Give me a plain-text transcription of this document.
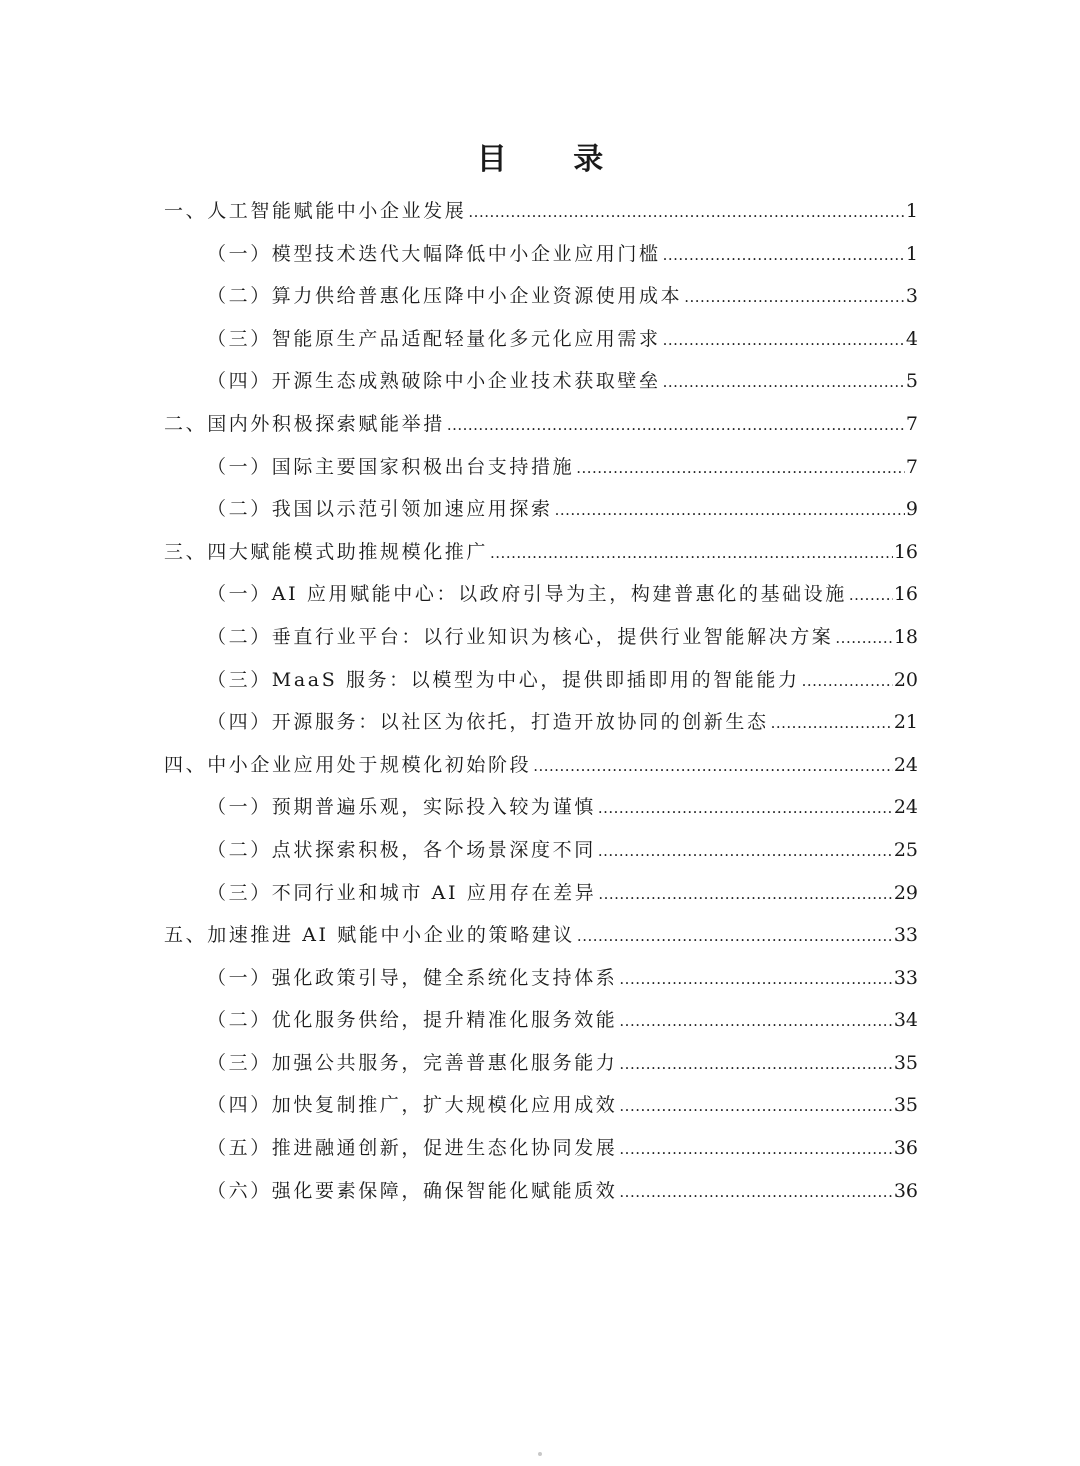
目 录
一、人工智能赋能中小企业发展 .....	1
（一）模型技术迭代大幅降低中小企业应用门槛 .....	1
（二）算力供给普惠化压降中小企业资源使用成本 .....	3
（三）智能原生产品适配轻量化多元化应用需求 .....	4
（四）开源生态成熟破除中小企业技术获取壁垒 .....	5
二、国内外积极探索赋能举措 .....	7
（一）国际主要国家积极出台支持措施 .....	7
（二）我国以示范引领加速应用探索 .....	9
三、四大赋能模式助推规模化推广 .....	16
（一）AI 应用赋能中心：以政府引导为主，构建普惠化的基础设施 ..... 16
（二）垂直行业平台：以行业知识为核心，提供行业智能解决方案 .....	18
（三）MaaS 服务：以模型为中心，提供即插即用的智能能力 .....	20
（四）开源服务：以社区为依托，打造开放协同的创新生态 .....	21
四、中小企业应用处于规模化初始阶段 .....	24
（一）预期普遍乐观，实际投入较为谨慎 .....	24
（二）点状探索积极，各个场景深度不同 .....	25
（三）不同行业和城市 AI 应用存在差异 .....	29
五、加速推进 AI 赋能中小企业的策略建议 .....	33
（一）强化政策引导，健全系统化支持体系 .....	33
（二）优化服务供给，提升精准化服务效能 .....	34
（三）加强公共服务，完善普惠化服务能力 .....	35
（四）加快复制推广，扩大规模化应用成效 .....	35
（五）推进融通创新，促进生态化协同发展 .....	36
（六）强化要素保障，确保智能化赋能质效 .....	36
